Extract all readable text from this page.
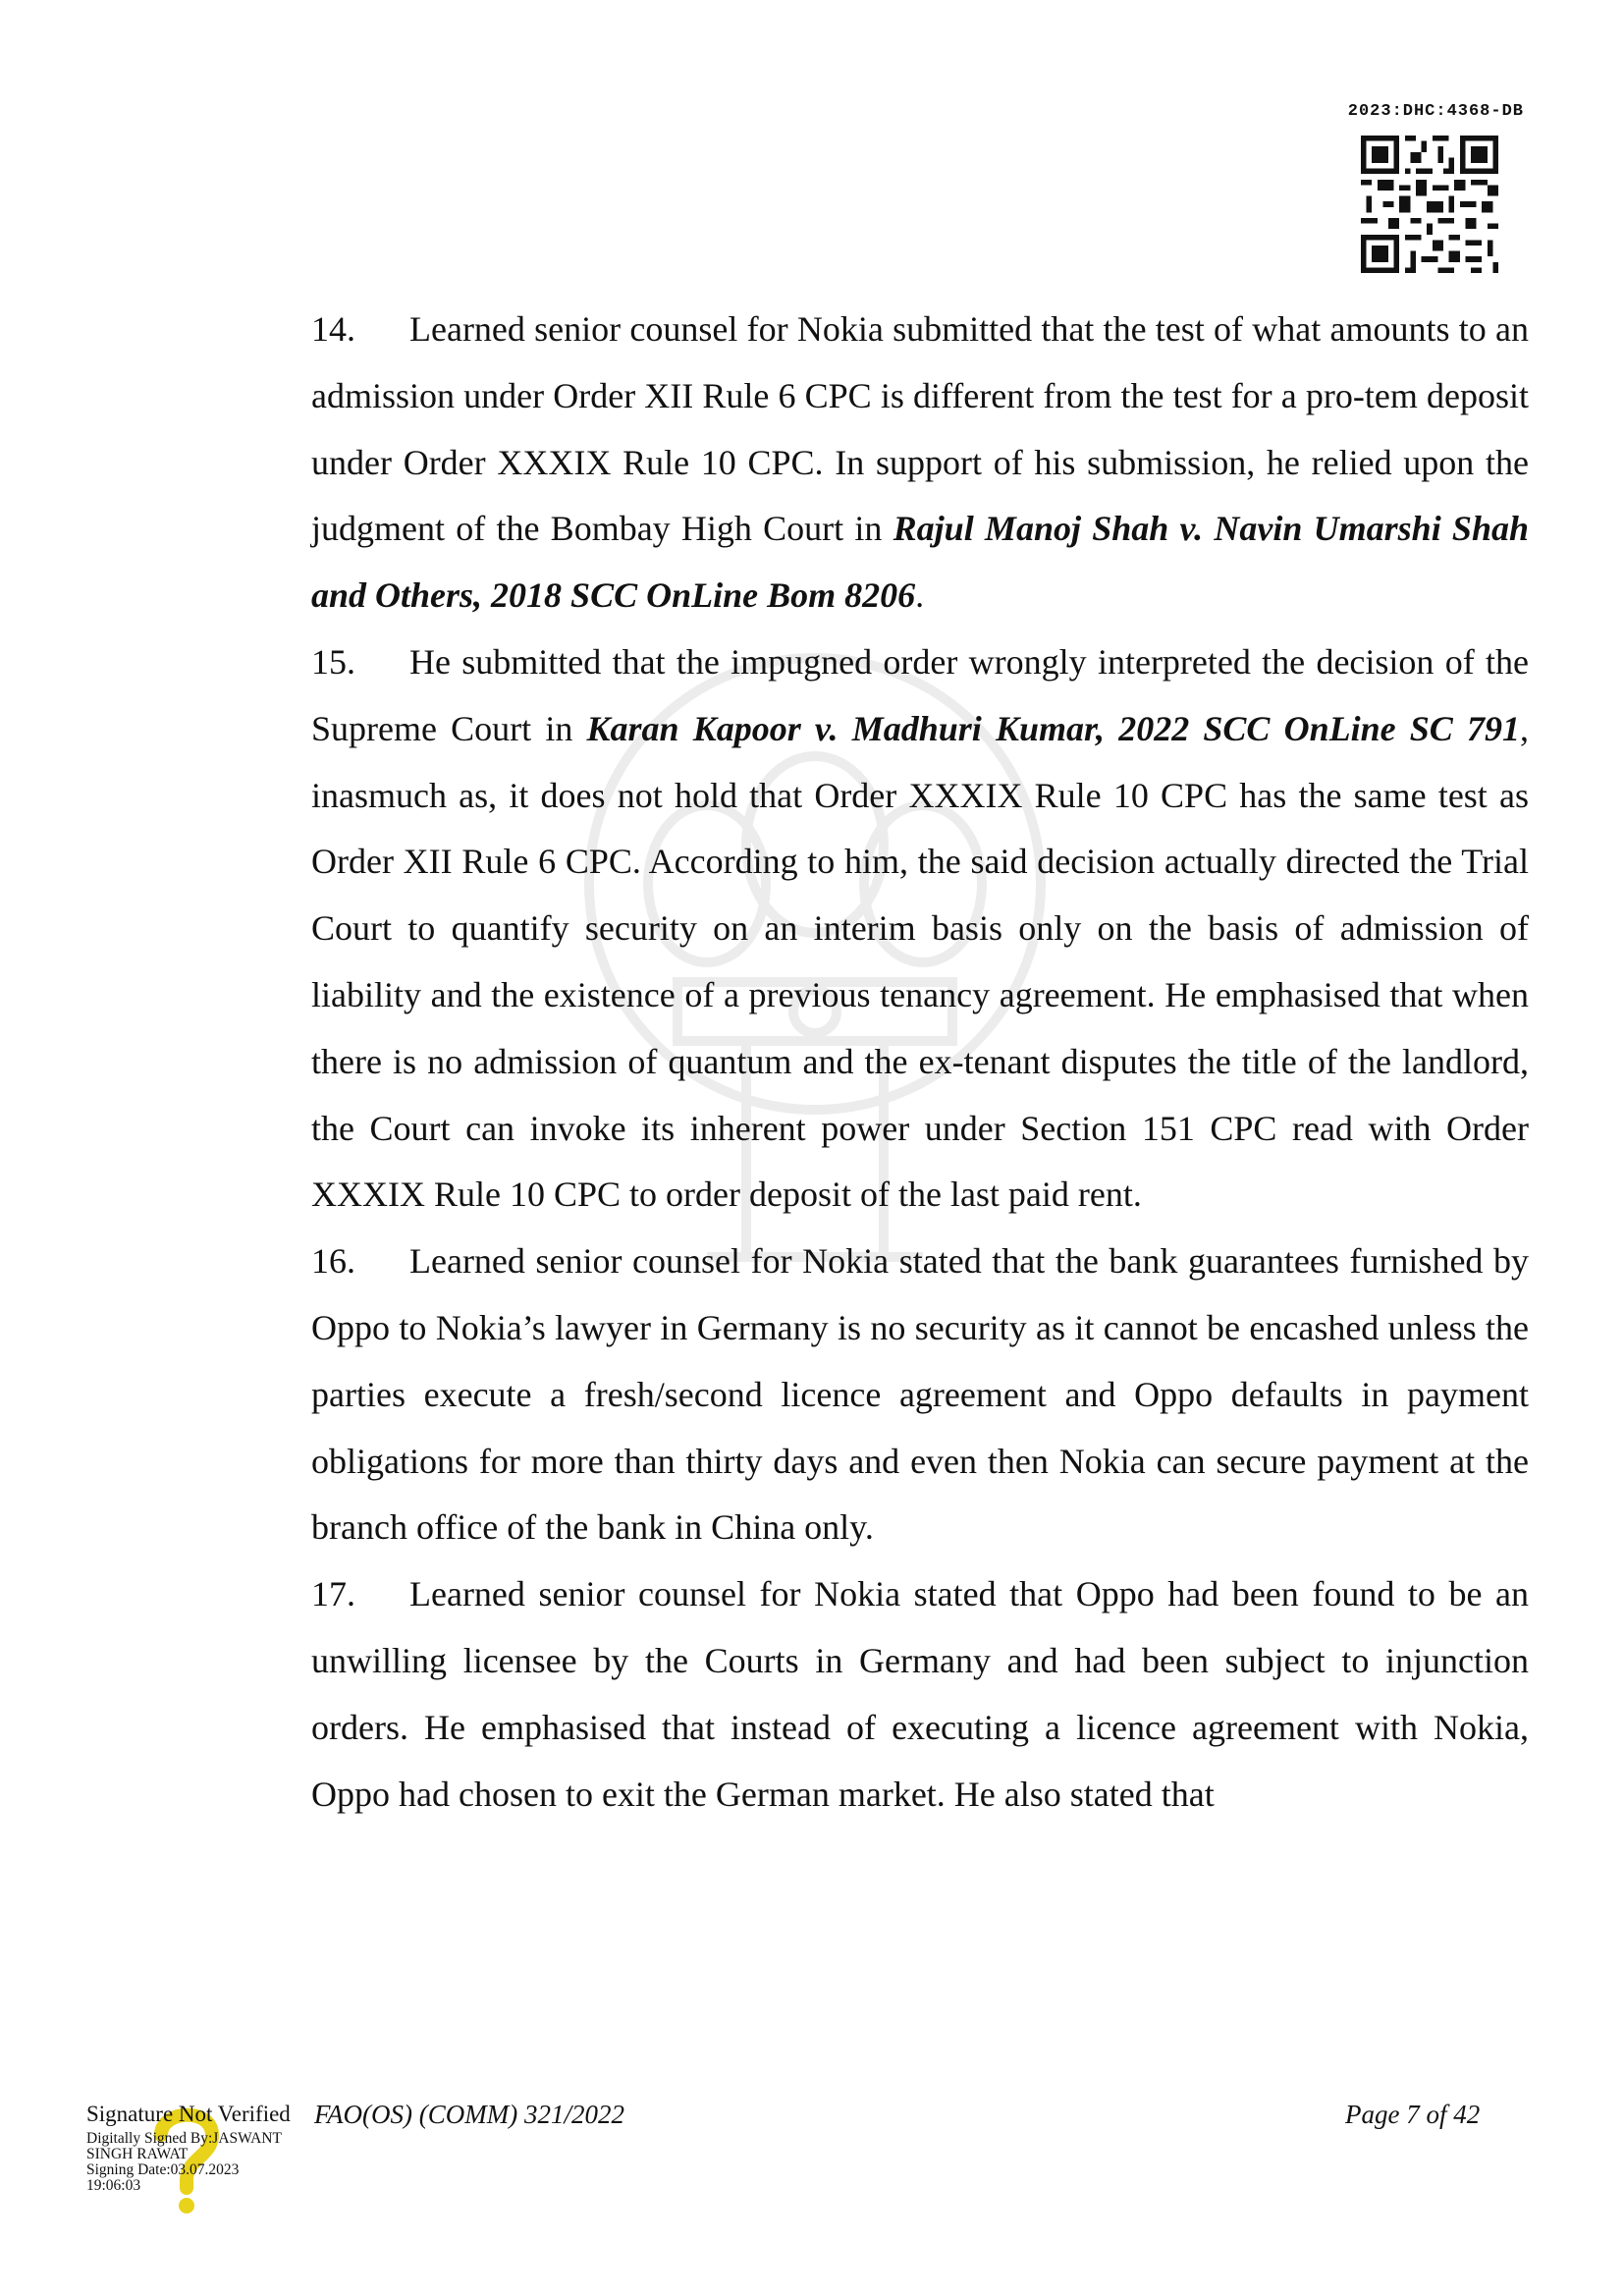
2023:DHC:4368-DB

14. Learned senior counsel for Nokia submitted that the test of what amounts to an admission under Order XII Rule 6 CPC is different from the test for a pro-tem deposit under Order XXXIX Rule 10 CPC. In support of his submission, he relied upon the judgment of the Bombay High Court in Rajul Manoj Shah v. Navin Umarshi Shah and Others, 2018 SCC OnLine Bom 8206.

15. He submitted that the impugned order wrongly interpreted the decision of the Supreme Court in Karan Kapoor v. Madhuri Kumar, 2022 SCC OnLine SC 791, inasmuch as, it does not hold that Order XXXIX Rule 10 CPC has the same test as Order XII Rule 6 CPC. According to him, the said decision actually directed the Trial Court to quantify security on an interim basis only on the basis of admission of liability and the existence of a previous tenancy agreement. He emphasised that when there is no admission of quantum and the ex-tenant disputes the title of the landlord, the Court can invoke its inherent power under Section 151 CPC read with Order XXXIX Rule 10 CPC to order deposit of the last paid rent.

16. Learned senior counsel for Nokia stated that the bank guarantees furnished by Oppo to Nokia’s lawyer in Germany is no security as it cannot be encashed unless the parties execute a fresh/second licence agreement and Oppo defaults in payment obligations for more than thirty days and even then Nokia can secure payment at the branch office of the bank in China only.

17. Learned senior counsel for Nokia stated that Oppo had been found to be an unwilling licensee by the Courts in Germany and had been subject to injunction orders. He emphasised that instead of executing a licence agreement with Nokia, Oppo had chosen to exit the German market. He also stated that

Signature Not Verified
Digitally Signed By:JASWANT SINGH RAWAT
Signing Date:03.07.2023
19:06:03
FAO(OS) (COMM) 321/2022	Page 7 of 42
